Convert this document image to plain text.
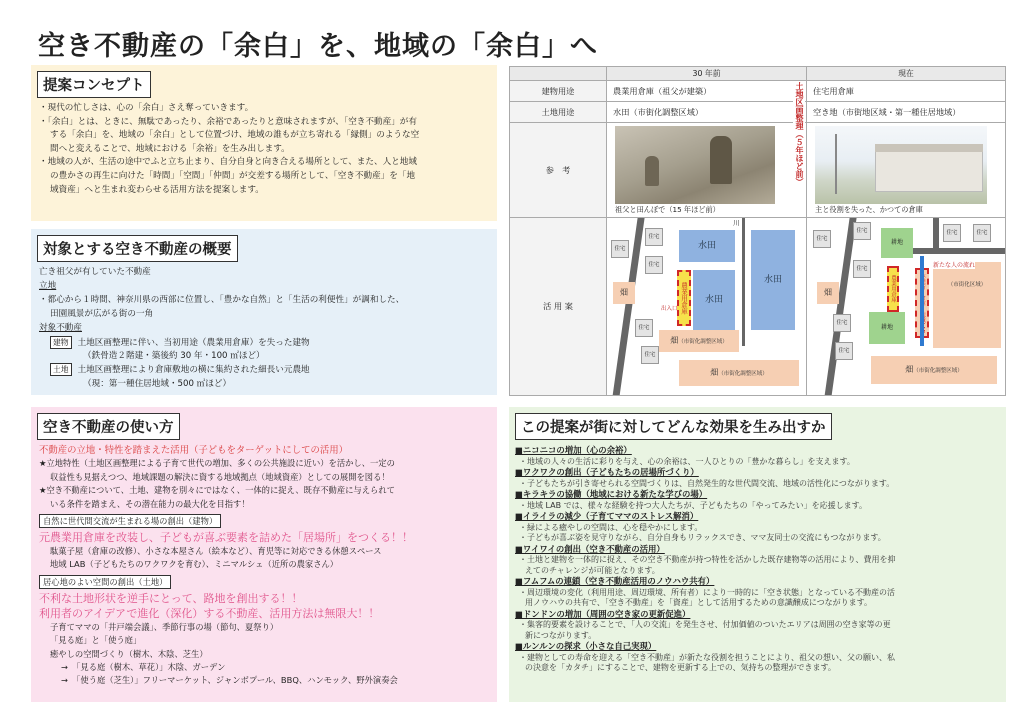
空き不動産の「余白」を、地域の「余白」へ
提案コンセプト

・現代の忙しさは、心の「余白」さえ奪っていきます。

・「余白」とは、ときに、無駄であったり、余裕であったりと意味されますが、「空き不動産」が有

する「余白」を、地域の「余白」として位置づけ、地域の誰もが立ち寄れる「縁側」のような空

間へと変えることで、地域における「余裕」を生み出します。

・地域の人が、生活の途中でふと立ち止まり、自分自身と向き合える場所として、また、人と地域

の豊かさの再生に向けた「時間」「空間」「仲間」が交差する場所として、「空き不動産」を「地

域資産」へと生まれ変わらせる活用方法を提案します。

対象とする空き不動産の概要

亡き祖父が有していた不動産

立地

・都心から１時間、神奈川県の西部に位置し、「豊かな自然」と「生活の利便性」が調和した、

田園風景が広がる街の一角

対象不動産

建物 土地区画整理に伴い、当初用途（農業用倉庫）を失った建物

（鉄骨造２階建・築後約 30 年・100 ㎡ほど）

土地 土地区画整理により倉庫敷地の横に集約された細長い元農地

（現：第一種住居地域・500 ㎡ほど）

30 年前	現在
建物用途	農業用倉庫（祖父が建築）	住宅用倉庫
土地用途	水田（市街化調整区域）	空き地（市街地区域・第一種住居地域）
参　考
祖父と田んぼで（15 年ほど前）	主と役割を失った、かつての倉庫
活 用 案
土地区画整理（５年ほど前）
川
住宅
住宅
住宅
住宅
住宅
水田
水田
水田
畑	農業用倉庫
出入口
畑（市街化調整区域）
畑（市街化調整区域）
住宅
住宅	住宅	住宅
住宅
住宅
住宅
耕地
耕地
畑	農業用倉庫	（市街化区域）
新たな人の流れ
畑（市街化調整区域）
空き不動産の使い方

不動産の立地・特性を踏まえた活用（子どもをターゲットにしての活用）

★立地特性（土地区画整理による子育て世代の増加、多くの公共施設に近い）を活かし、一定の

収益性も見据えつつ、地域課題の解決に資する地域拠点（地域資産）としての展開を図る！

★空き不動産について、土地、建物を別々にではなく、一体的に捉え、既存不動産に与えられて

いる条件を踏まえ、その潜在能力の最大化を目指す！

自然に世代間交流が生まれる場の創出（建物）

元農業用倉庫を改装し、子どもが喜ぶ要素を詰めた「居場所」をつくる！！

駄菓子屋（倉庫の改修）、小さな本屋さん（絵本など）、育児等に対応できる休憩スペース

地域 LAB（子どもたちのワクワクを育む）、ミニマルシェ（近所の農家さん）

居心地のよい空間の創出（土地）

不利な土地形状を逆手にとって、路地を創出する！！

利用者のアイデアで進化（深化）する不動産、活用方法は無限大！！

子育てママの「井戸端会議」、季節行事の場（節句、夏祭り）

「見る庭」と「使う庭」

癒やしの空間づくり（樹木、木陰、芝生）

→　「見る庭（樹木、草花）」木陰、ガーデン

→　「使う庭（芝生）」フリーマーケット、ジャンボプール、BBQ、ハンモック、野外演奏会

この提案が街に対してどんな効果を生み出すか
■ニコニコの増加（心の余裕）
・地域の人々の生活に彩りを与え、心の余裕は、一人ひとりの「豊かな暮らし」を支えます。
■ワクワクの創出（子どもたちの居場所づくり）
・子どもたちが引き寄せられる空間づくりは、自然発生的な世代間交流、地域の活性化につながります。
■キラキラの協働（地域における新たな学びの場）
・地域 LAB では、様々な経験を持つ大人たちが、子どもたちの「やってみたい」を応援します。
■イライラの減少（子育てママのストレス解消）
・緑による癒やしの空間は、心を穏やかにします。
・子どもが喜ぶ姿を見守りながら、自分自身もリラックスでき、ママ友同士の交流にもつながります。
■ワイワイの創出（空き不動産の活用）
・土地と建物を一体的に捉え、その空き不動産が持つ特性を活かした既存建物等の活用により、費用を抑
えてのチャレンジが可能となります。
■フムフムの連鎖（空き不動産活用のノウハウ共有）
・周辺環境の変化（利用用途、周辺環境、所有者）により一時的に「空き状態」となっている不動産の活
用ノウハウの共有で、「空き不動産」を「資産」として活用するための意識醸成につながります。
■ドンドンの増加（周囲の空き家の更新促進）
・集客的要素を設けることで、「人の交流」を発生させ、付加価値のついたエリアは周囲の空き家等の更
新につながります。
■ルンルンの探求（小さな自己実現）
・建物としての寿命を迎える「空き不動産」が新たな役割を担うことにより、祖父の想い、父の願い、私
の決意を「カタチ」にすることで、建物を更新する上での、気持ちの整理ができます。
